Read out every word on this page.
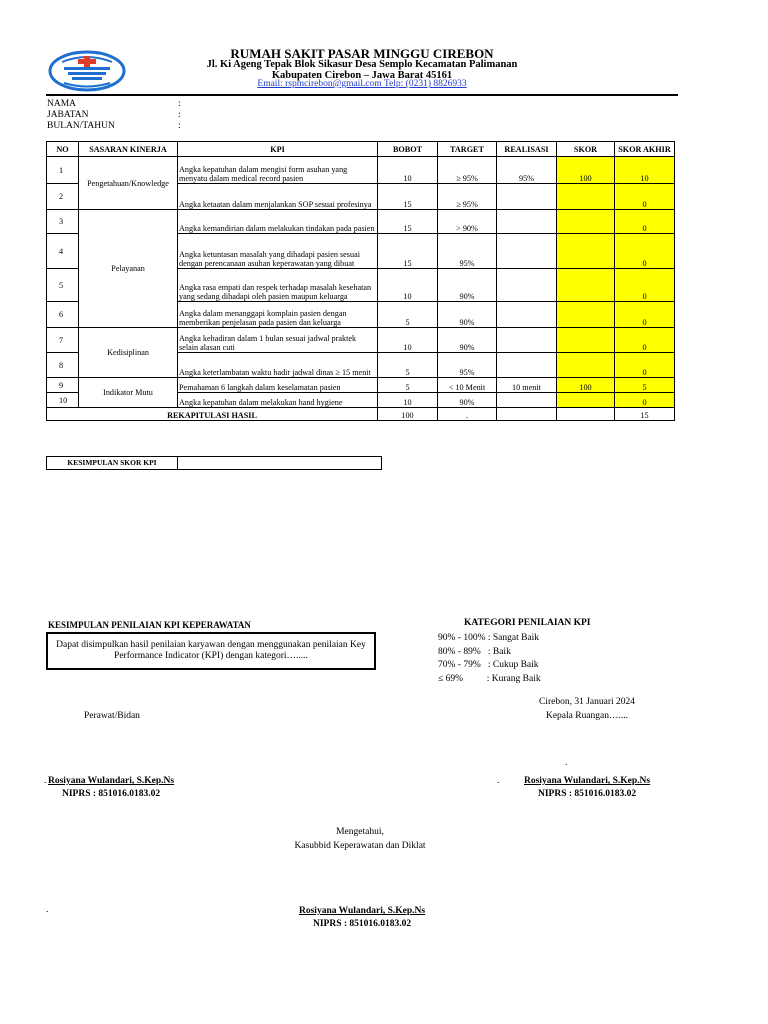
RUMAH SAKIT PASAR MINGGU CIREBON
Jl. Ki Ageng Tepak Blok Sikasur Desa Semplo Kecamatan Palimanan
Kabupaten Cirebon – Jawa Barat 45161
Email: rspmcirebon@gmail.com Telp: (0231) 8826933
NAMA	:
JABATAN	:
BULAN/TAHUN	:
NO	SASARAN KINERJA	KPI	BOBOT	TARGET	REALISASI	SKOR	SKOR AKHIR
1	Pengetahuan/Knowledge	Angka kepatuhan dalam mengisi form asuhan yang menyatu dalam medical record pasien	10	≥ 95%	95%	100	10
2		Angka ketaatan dalam menjalankan SOP sesuai profesinya	15	≥ 95%			0
3	Pelayanan	Angka kemandirian dalam melakukan tindakan pada pasien	15	> 90%			0
4		Angka ketuntasan masalah yang dihadapi pasien sesuai dengan perencanaan asuhan keperawatan yang dibuat	15	95%			0
5		Angka rasa empati dan respek terhadap masalah kesehatan yang sedang dihadapi oleh pasien maupun keluarga	10	90%			0
6		Angka dalam menanggapi komplain pasien dengan memberikan penjelasan pada pasien dan keluarga	5	90%			0
7	Kedisiplinan	Angka kehadiran dalam 1 bulan sesuai jadwal praktek selain alasan cuti	10	90%			0
8		Angka keterlambatan waktu hadir jadwal dinas ≥ 15 menit	5	95%			0
9	Indikator Mutu	Pemahaman 6 langkah dalam keselamatan pasien	5	< 10 Menit	10 menit	100	5
10		Angka kepatuhan dalam melakukan hand hygiene	10	90%			0
REKAPITULASI HASIL			100	.			15
KESIMPULAN SKOR KPI
KESIMPULAN PENILAIAN KPI KEPERAWATAN
Dapat disimpulkan hasil penilaian karyawan dengan menggunakan penilaian Key Performance Indicator (KPI) dengan kategori….....
KATEGORI PENILAIAN KPI
90% - 100% : Sangat Baik
80% - 89%   : Baik
70% - 79%   : Cukup Baik
≤ 69%          : Kurang Baik
Cirebon, 31 Januari 2024
Kepala Ruangan…....
Perawat/Bidan
.
. Rosiyana Wulandari, S.Kep.Ns
NIPRS : 851016.0183.02
.	Rosiyana Wulandari, S.Kep.Ns
NIPRS : 851016.0183.02
Mengetahui,
Kasubbid Keperawatan dan Diklat
.	Rosiyana Wulandari, S.Kep.Ns
NIPRS : 851016.0183.02
